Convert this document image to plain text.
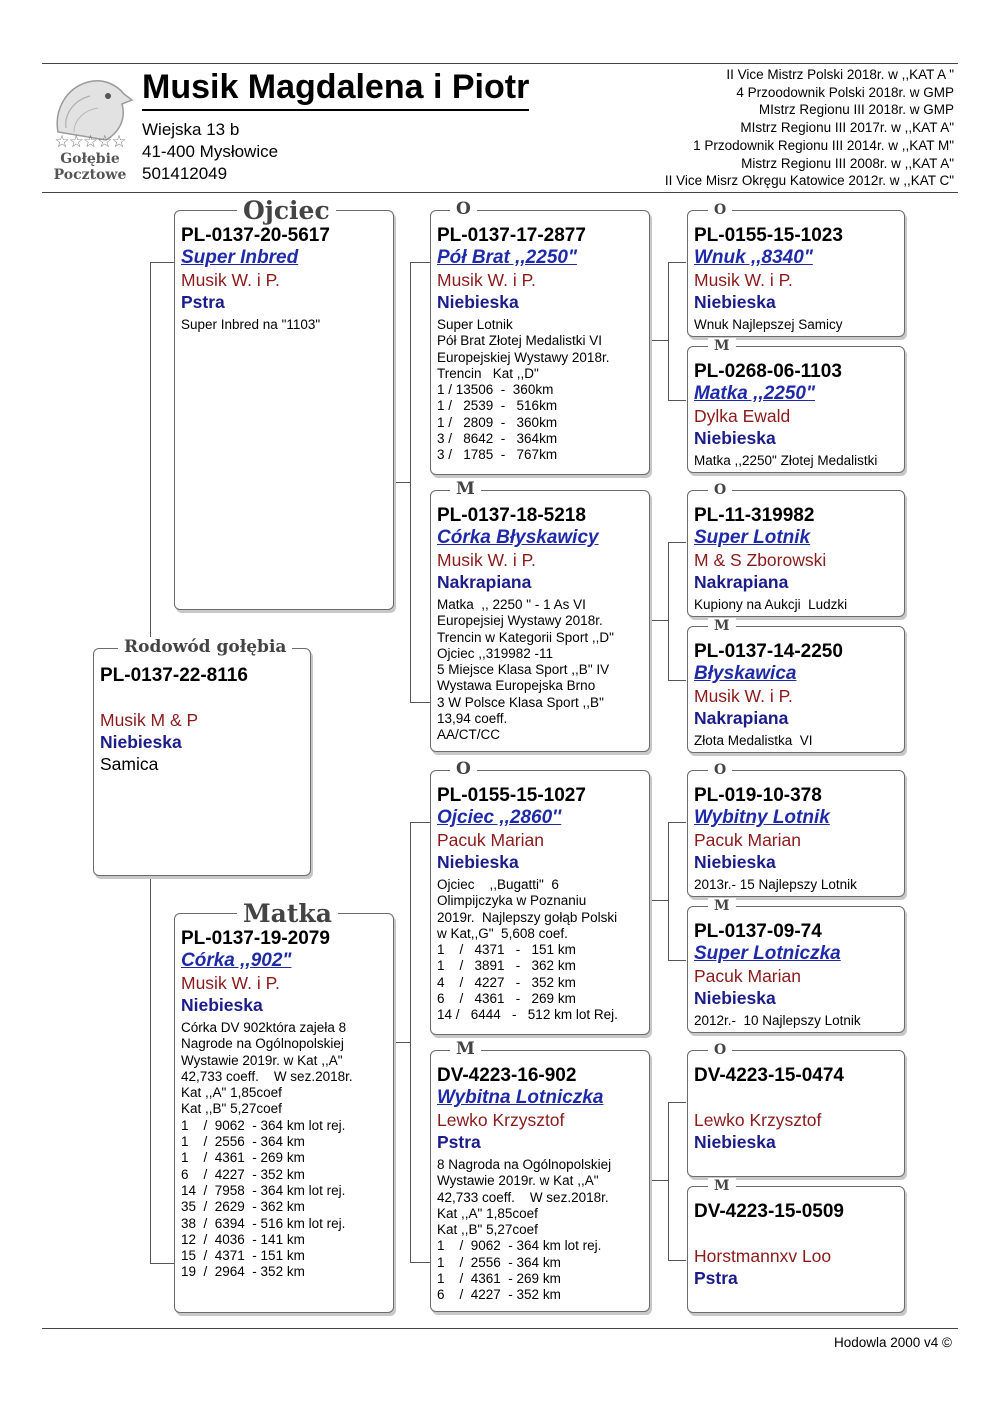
☆☆☆☆☆
Gołębie
Pocztowe
Musik Magdalena i Piotr
Wiejska 13 b
41-400 Mysłowice
501412049
II Vice Mistrz Polski 2018r. w ,,KAT A "
4 Przoodownik Polski 2018r. w GMP
MIstrz Regionu III 2018r. w GMP
MIstrz Regionu III 2017r. w ,,KAT A"
1 Przodownik Regionu III 2014r. w ,,KAT M"
Mistrz Regionu III 2008r. w ,,KAT A"
II Vice Misrz Okręgu Katowice 2012r. w ,,KAT C"
PL-0137-22-8116
Musik M & P
Niebieska
Samica
Rodowód gołębia
PL-0137-20-5617
Super Inbred
Musik W. i P.
Pstra
Super Inbred na "1103"
Ojciec
PL-0137-19-2079
Córka ,,902"
Musik W. i P.
Niebieska
Córka DV 902która zajeła 8
Nagrode na Ogólnopolskiej
Wystawie 2019r. w Kat ,,A"
42,733 coeff.    W sez.2018r.
Kat ,,A" 1,85coef
Kat ,,B" 5,27coef
1    /  9062  - 364 km lot rej.
1    /  2556  - 364 km
1    /  4361  - 269 km
6    /  4227  - 352 km
14  /  7958  - 364 km lot rej.
35  /  2629  - 362 km
38  /  6394  - 516 km lot rej.
12  /  4036  - 141 km
15  /  4371  - 151 km
19  /  2964  - 352 km
Matka
PL-0137-17-2877
Pół Brat ,,2250"
Musik W. i P.
Niebieska
Super Lotnik
Pół Brat Złotej Medalistki VI
Europejskiej Wystawy 2018r.
Trencin   Kat ,,D"
1 / 13506  -  360km
1 /   2539  -   516km
1 /   2809  -   360km
3 /   8642  -   364km
3 /   1785  -   767km
O
PL-0137-18-5218
Córka Błyskawicy
Musik W. i P.
Nakrapiana
Matka  ,, 2250 " - 1 As VI
Europejsiej Wystawy 2018r.
Trencin w Kategorii Sport ,,D"
Ojciec ,,319982 -11
5 Miejsce Klasa Sport ,,B" IV
Wystawa Europejska Brno
3 W Polsce Klasa Sport ,,B"
13,94 coeff.
AA/CT/CC
M
PL-0155-15-1027
Ojciec ,,2860''
Pacuk Marian
Niebieska
Ojciec    ,,Bugatti"  6
Olimpijczyka w Poznaniu
2019r.  Najlepszy gołąb Polski
w Kat,,G"  5,608 coef.
1    /   4371   -   151 km
1    /   3891   -   362 km
4    /   4227   -   352 km
6    /   4361   -   269 km
14 /   6444   -   512 km lot Rej.
O
DV-4223-16-902
Wybitna Lotniczka
Lewko Krzysztof
Pstra
8 Nagroda na Ogólnopolskiej
Wystawie 2019r. w Kat ,,A"
42,733 coeff.    W sez.2018r.
Kat ,,A" 1,85coef
Kat ,,B" 5,27coef
1    /  9062  - 364 km lot rej.
1    /  2556  - 364 km
1    /  4361  - 269 km
6    /  4227  - 352 km
M
PL-0155-15-1023
Wnuk ,,8340"
Musik W. i P.
Niebieska
Wnuk Najlepszej Samicy
O
PL-0268-06-1103
Matka ,,2250"
Dylka Ewald
Niebieska
Matka ,,2250" Złotej Medalistki
M
PL-11-319982
Super Lotnik
M & S Zborowski
Nakrapiana
Kupiony na Aukcji  Ludzki
O
PL-0137-14-2250
Błyskawica
Musik W. i P.
Nakrapiana
Złota Medalistka  VI
M
PL-019-10-378
Wybitny Lotnik
Pacuk Marian
Niebieska
2013r.- 15 Najlepszy Lotnik
O
PL-0137-09-74
Super Lotniczka
Pacuk Marian
Niebieska
2012r.-  10 Najlepszy Lotnik
M
DV-4223-15-0474
Lewko Krzysztof
Niebieska
O
DV-4223-15-0509
Horstmannxv Loo
Pstra
M
Hodowla 2000 v4 ©
